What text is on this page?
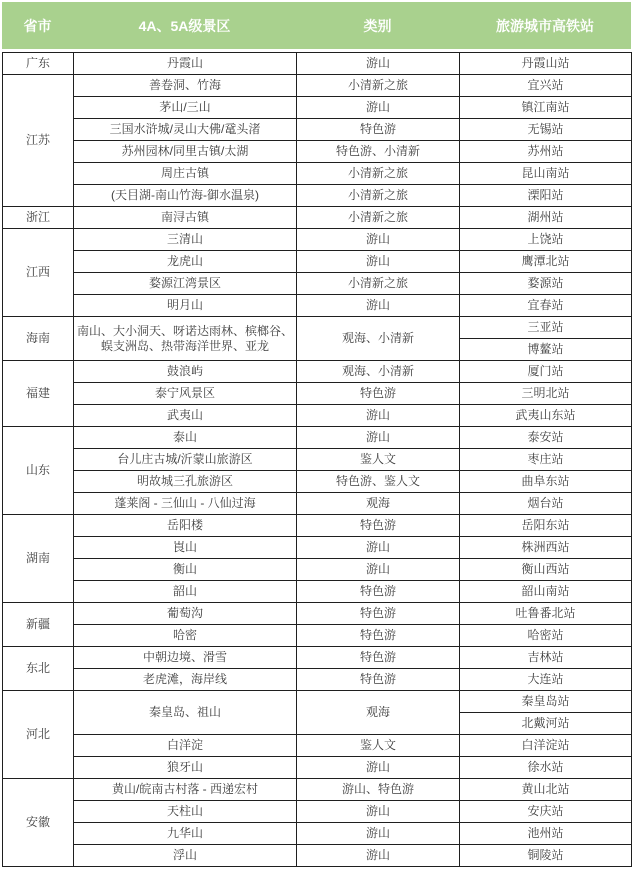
省市	4A、5A级景区	类别	旅游城市高铁站
广东	丹霞山	游山	丹霞山站
江苏	善卷洞、竹海	小清新之旅	宜兴站
	茅山/三山	游山	镇江南站
	三国水浒城/灵山大佛/鼋头渚	特色游	无锡站
	苏州园林/同里古镇/太湖	特色游、小清新	苏州站
	周庄古镇	小清新之旅	昆山南站
	(天目湖-南山竹海-御水温泉)	小清新之旅	溧阳站
浙江	南浔古镇	小清新之旅	湖州站
江西	三清山	游山	上饶站
	龙虎山	游山	鹰潭北站
	婺源江湾景区	小清新之旅	婺源站
	明月山	游山	宜春站
海南	南山、大小洞天、呀诺达雨林、槟榔谷、蜈支洲岛、热带海洋世界、亚龙	观海、小清新	三亚站
			博鳌站
福建	鼓浪屿	观海、小清新	厦门站
	泰宁风景区	特色游	三明北站
	武夷山	游山	武夷山东站
山东	泰山	游山	泰安站
	台儿庄古城/沂蒙山旅游区	鉴人文	枣庄站
	明故城三孔旅游区	特色游、鉴人文	曲阜东站
	蓬莱阁 - 三仙山 - 八仙过海	观海	烟台站
湖南	岳阳楼	特色游	岳阳东站
	崀山	游山	株洲西站
	衡山	游山	衡山西站
	韶山	特色游	韶山南站
新疆	葡萄沟	特色游	吐鲁番北站
	哈密	特色游	哈密站
东北	中朝边境、滑雪	特色游	吉林站
	老虎滩，海岸线	特色游	大连站
河北	秦皇岛、祖山	观海	秦皇岛站
			北戴河站
	白洋淀	鉴人文	白洋淀站
	狼牙山	游山	徐水站
安徽	黄山/皖南古村落 - 西递宏村	游山、特色游	黄山北站
	天柱山	游山	安庆站
	九华山	游山	池州站
	浮山	游山	铜陵站
